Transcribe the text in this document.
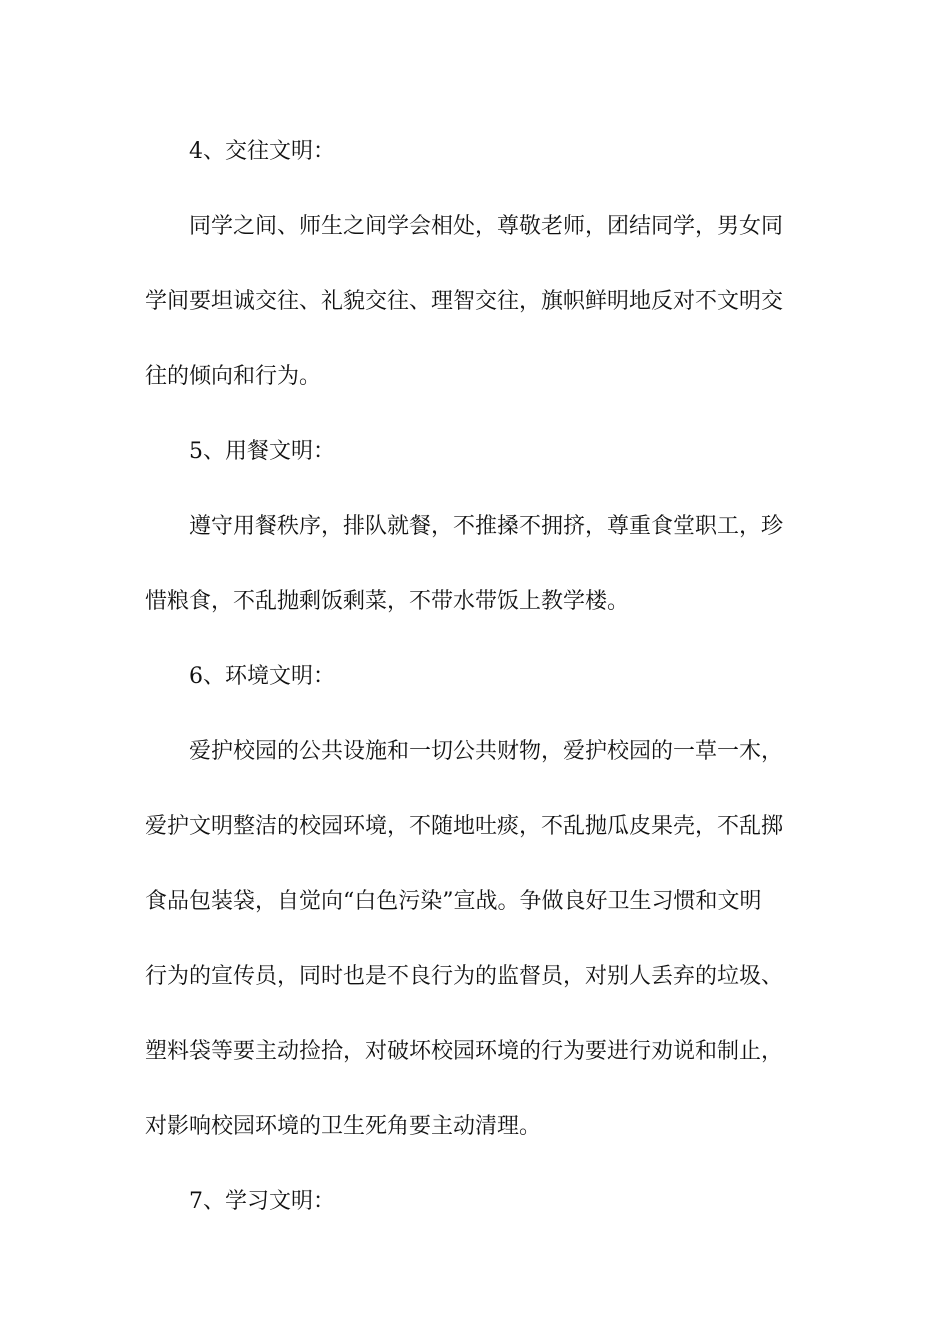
4、交往文明：
同学之间、师生之间学会相处，尊敬老师，团结同学，男女同
学间要坦诚交往、礼貌交往、理智交往，旗帜鲜明地反对不文明交
往的倾向和行为。
5、用餐文明：
遵守用餐秩序，排队就餐，不推搡不拥挤，尊重食堂职工，珍
惜粮食，不乱抛剩饭剩菜，不带水带饭上教学楼。
6、环境文明：
爱护校园的公共设施和一切公共财物，爱护校园的一草一木，
爱护文明整洁的校园环境，不随地吐痰，不乱抛瓜皮果壳，不乱掷
食品包装袋，自觉向“白色污染”宣战。争做良好卫生习惯和文明
行为的宣传员，同时也是不良行为的监督员，对别人丢弃的垃圾、
塑料袋等要主动捡拾，对破坏校园环境的行为要进行劝说和制止，
对影响校园环境的卫生死角要主动清理。
7、学习文明：
